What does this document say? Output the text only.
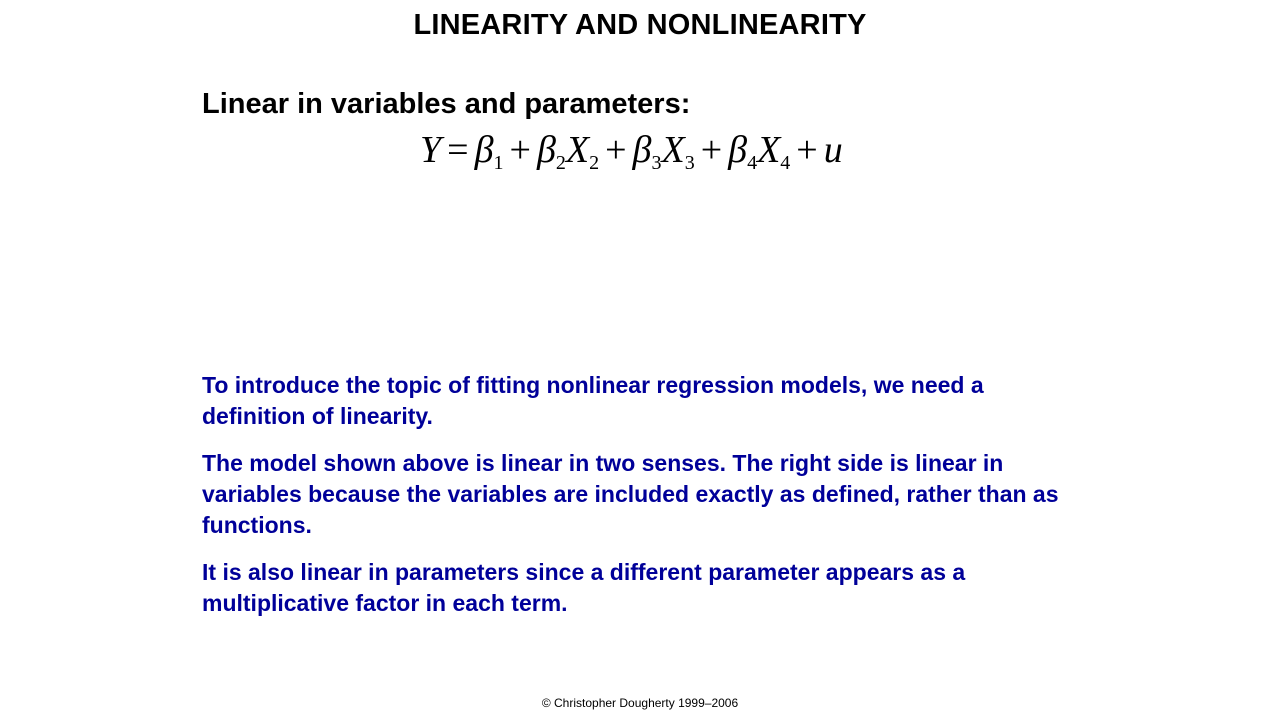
LINEARITY AND NONLINEARITY
Linear in variables and parameters:
$Y = \beta_1 + \beta_2X_2 + \beta_3X_3 + \beta_4X_4 + u$

To introduce the topic of fitting nonlinear regression models, we need a definition of linearity.

The model shown above is linear in two senses. The right side is linear in variables because the variables are included exactly as defined, rather than as functions.

It is also linear in parameters since a different parameter appears as a multiplicative factor in each term.

© Christopher Dougherty 1999–2006
